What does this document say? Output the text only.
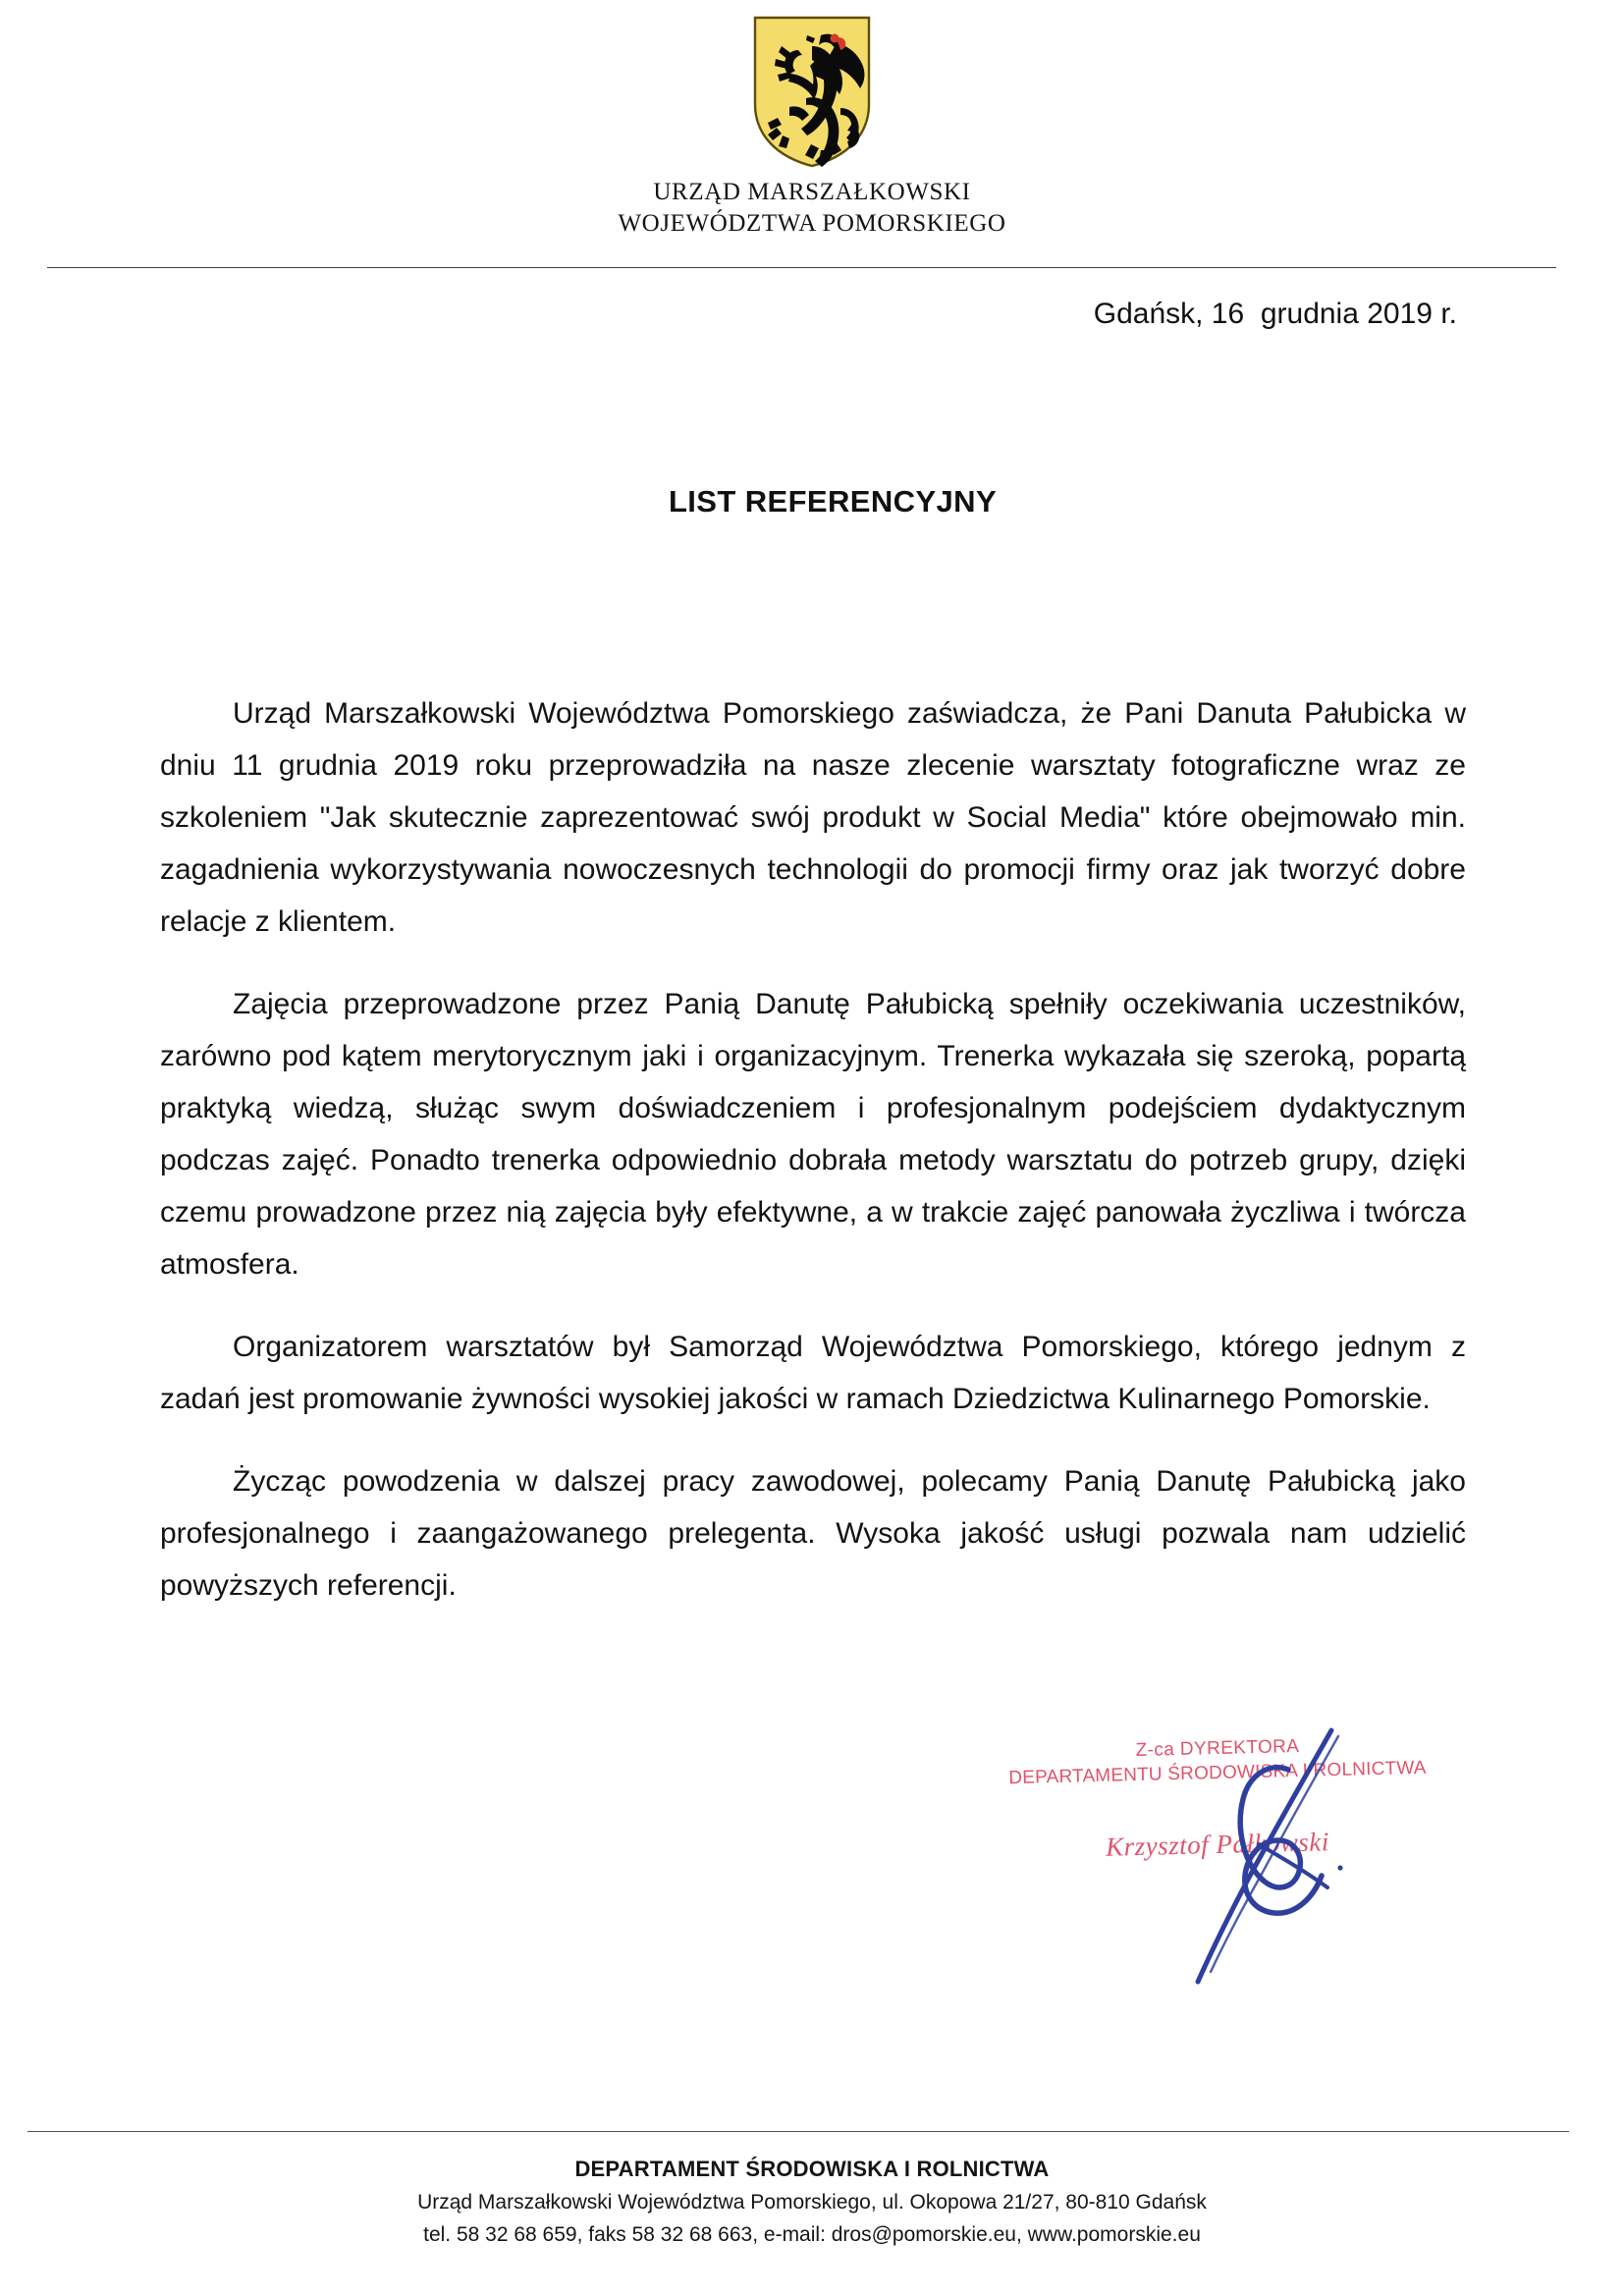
URZĄD MARSZAŁKOWSKI
WOJEWÓDZTWA POMORSKIEGO
Gdańsk, 16  grudnia 2019 r.
LIST REFERENCYJNY

Urząd Marszałkowski Województwa Pomorskiego zaświadcza, że Pani Danuta Pałubicka w dniu 11 grudnia 2019 roku przeprowadziła na nasze zlecenie warsztaty fotograficzne wraz ze szkoleniem "Jak skutecznie zaprezentować swój produkt w Social Media" które obejmowało min. zagadnienia wykorzystywania nowoczesnych technologii do promocji firmy oraz jak tworzyć dobre relacje z klientem.

Zajęcia przeprowadzone przez Panią Danutę Pałubicką spełniły oczekiwania uczestników, zarówno pod kątem merytorycznym jaki i organizacyjnym. Trenerka wykazała się szeroką, popartą praktyką wiedzą, służąc swym doświadczeniem i profesjonalnym podejściem dydaktycznym podczas zajęć. Ponadto trenerka odpowiednio dobrała metody warsztatu do potrzeb grupy, dzięki czemu prowadzone przez nią zajęcia były efektywne, a w trakcie zajęć panowała życzliwa i twórcza atmosfera.

Organizatorem warsztatów był Samorząd Województwa Pomorskiego, którego jednym z zadań jest promowanie żywności wysokiej jakości w ramach Dziedzictwa Kulinarnego Pomorskie.

Życząc powodzenia w dalszej pracy zawodowej, polecamy Panią Danutę Pałubicką jako profesjonalnego i zaangażowanego prelegenta. Wysoka jakość usługi pozwala nam udzielić powyższych referencji.

Z-ca DYREKTORA
DEPARTAMENTU ŚRODOWISKA I ROLNICTWA
Krzysztof Pałkowski
DEPARTAMENT ŚRODOWISKA I ROLNICTWA
Urząd Marszałkowski Województwa Pomorskiego, ul. Okopowa 21/27, 80-810 Gdańsk
tel. 58 32 68 659, faks 58 32 68 663, e-mail: dros@pomorskie.eu, www.pomorskie.eu
